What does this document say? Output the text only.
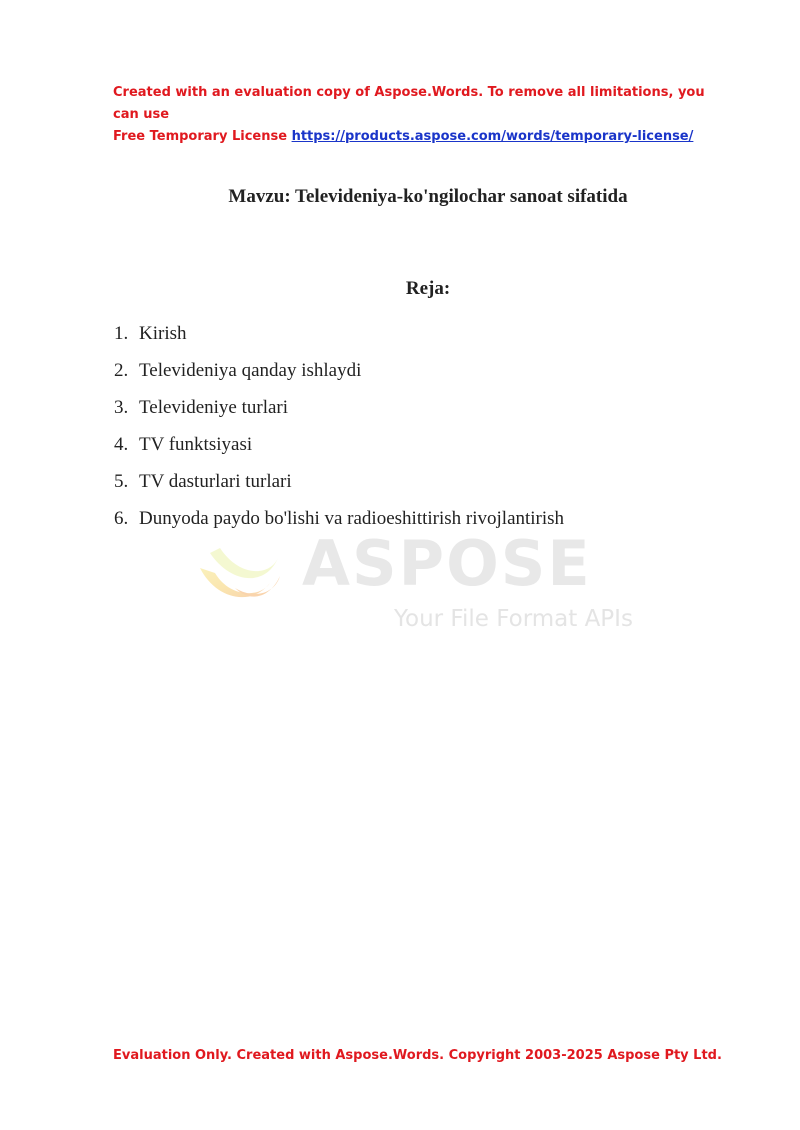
Created with an evaluation copy of Aspose.Words. To remove all limitations, you can use
Free Temporary License https://products.aspose.com/words/temporary-license/
Mavzu: Televideniya-ko'ngilochar sanoat sifatida
Reja:
1. Kirish
2. Televideniya qanday ishlaydi
3. Televideniye turlari
4. TV funktsiyasi
5. TV dasturlari turlari
6. Dunyoda paydo bo'lishi va radioeshittirish rivojlantirish
ASPOSE
Your File Format APIs
Evaluation Only. Created with Aspose.Words. Copyright 2003-2025 Aspose Pty Ltd.
